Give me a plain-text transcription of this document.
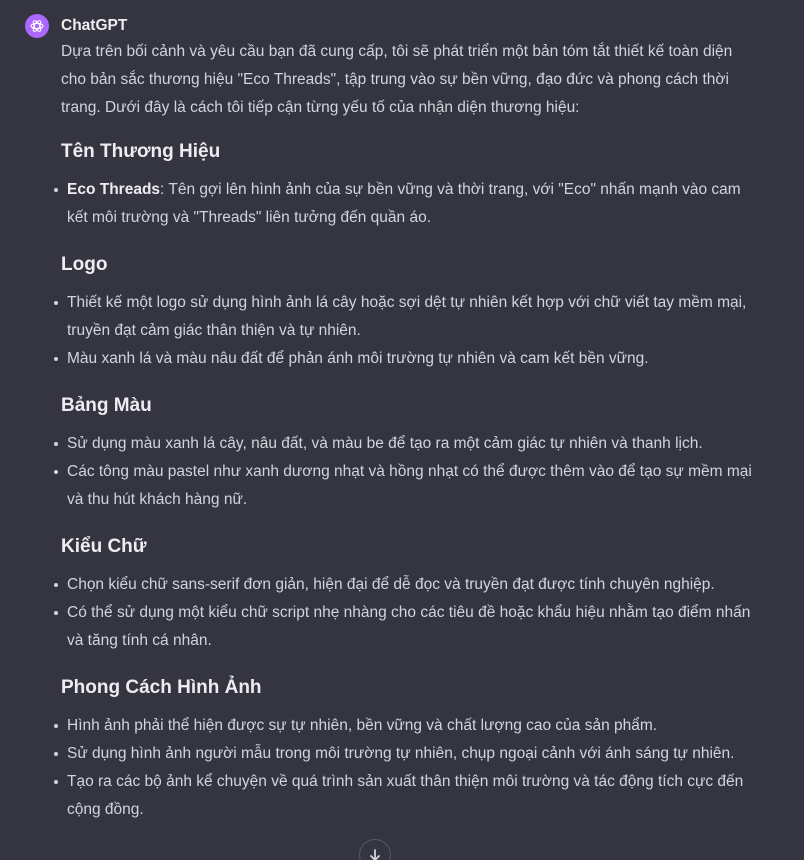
ChatGPT

Dựa trên bối cảnh và yêu cầu bạn đã cung cấp, tôi sẽ phát triển một bản tóm tắt thiết kế toàn diện cho bản sắc thương hiệu "Eco Threads", tập trung vào sự bền vững, đạo đức và phong cách thời trang. Dưới đây là cách tôi tiếp cận từng yếu tố của nhận diện thương hiệu:

Tên Thương Hiệu
Eco Threads: Tên gợi lên hình ảnh của sự bền vững và thời trang, với "Eco" nhấn mạnh vào cam kết môi trường và "Threads" liên tưởng đến quần áo.
Logo
Thiết kế một logo sử dụng hình ảnh lá cây hoặc sợi dệt tự nhiên kết hợp với chữ viết tay mềm mại, truyền đạt cảm giác thân thiện và tự nhiên.
Màu xanh lá và màu nâu đất để phản ánh môi trường tự nhiên và cam kết bền vững.
Bảng Màu
Sử dụng màu xanh lá cây, nâu đất, và màu be để tạo ra một cảm giác tự nhiên và thanh lịch.
Các tông màu pastel như xanh dương nhạt và hồng nhạt có thể được thêm vào để tạo sự mềm mại và thu hút khách hàng nữ.
Kiểu Chữ
Chọn kiểu chữ sans-serif đơn giản, hiện đại để dễ đọc và truyền đạt được tính chuyên nghiệp.
Có thể sử dụng một kiểu chữ script nhẹ nhàng cho các tiêu đề hoặc khẩu hiệu nhằm tạo điểm nhấn và tăng tính cá nhân.
Phong Cách Hình Ảnh
Hình ảnh phải thể hiện được sự tự nhiên, bền vững và chất lượng cao của sản phẩm.
Sử dụng hình ảnh người mẫu trong môi trường tự nhiên, chụp ngoại cảnh với ánh sáng tự nhiên.
Tạo ra các bộ ảnh kể chuyện về quá trình sản xuất thân thiện môi trường và tác động tích cực đến cộng đồng.
